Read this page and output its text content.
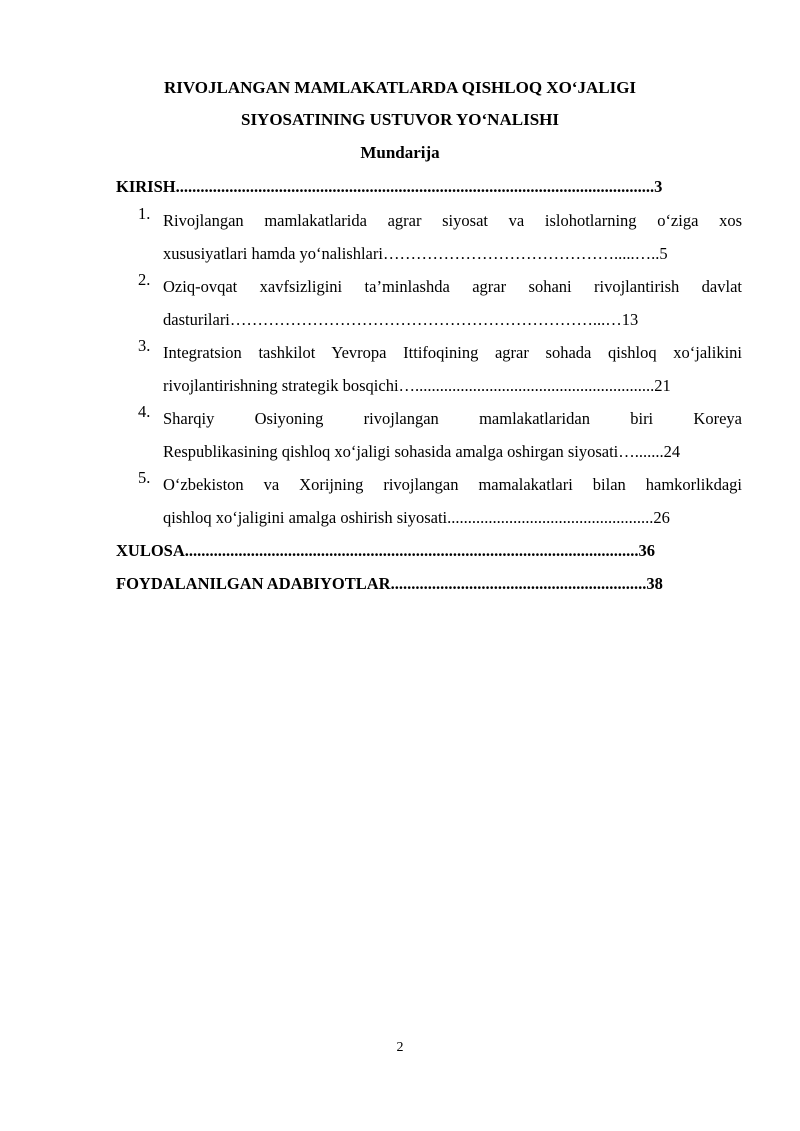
RIVOJLANGAN MAMLAKATLARDA QISHLOQ XO‘JALIGI
SIYOSATINING USTUVOR YO‘NALISHI
Mundarija
KIRISH....................................................................................................................3
1. Rivojlangan mamlakatlarida agrar siyosat va islohotlarning o‘ziga xos
xususiyatlari hamda yo‘nalishlari…………………………………….....…..5
2. Oziq-ovqat xavfsizligini ta’minlashda agrar sohani rivojlantirish davlat
dasturilari…………………………………………………………...…13
3. Integratsion tashkilot Yevropa Ittifoqining agrar sohada qishloq xo‘jalikini
rivojlantirishning strategik bosqichi…..........................................................21
4. Sharqiy Osiyoning rivojlangan mamlakatlaridan biri Koreya
Respublikasining qishloq xo‘jaligi sohasida amalga oshirgan siyosati….......24
5. O‘zbekiston va Xorijning rivojlangan mamalakatlari bilan hamkorlikdagi
qishloq xo‘jaligini amalga oshirish siyosati..................................................26
XULOSA..............................................................................................................36
FOYDALANILGAN ADABIYOTLAR..............................................................38
2
